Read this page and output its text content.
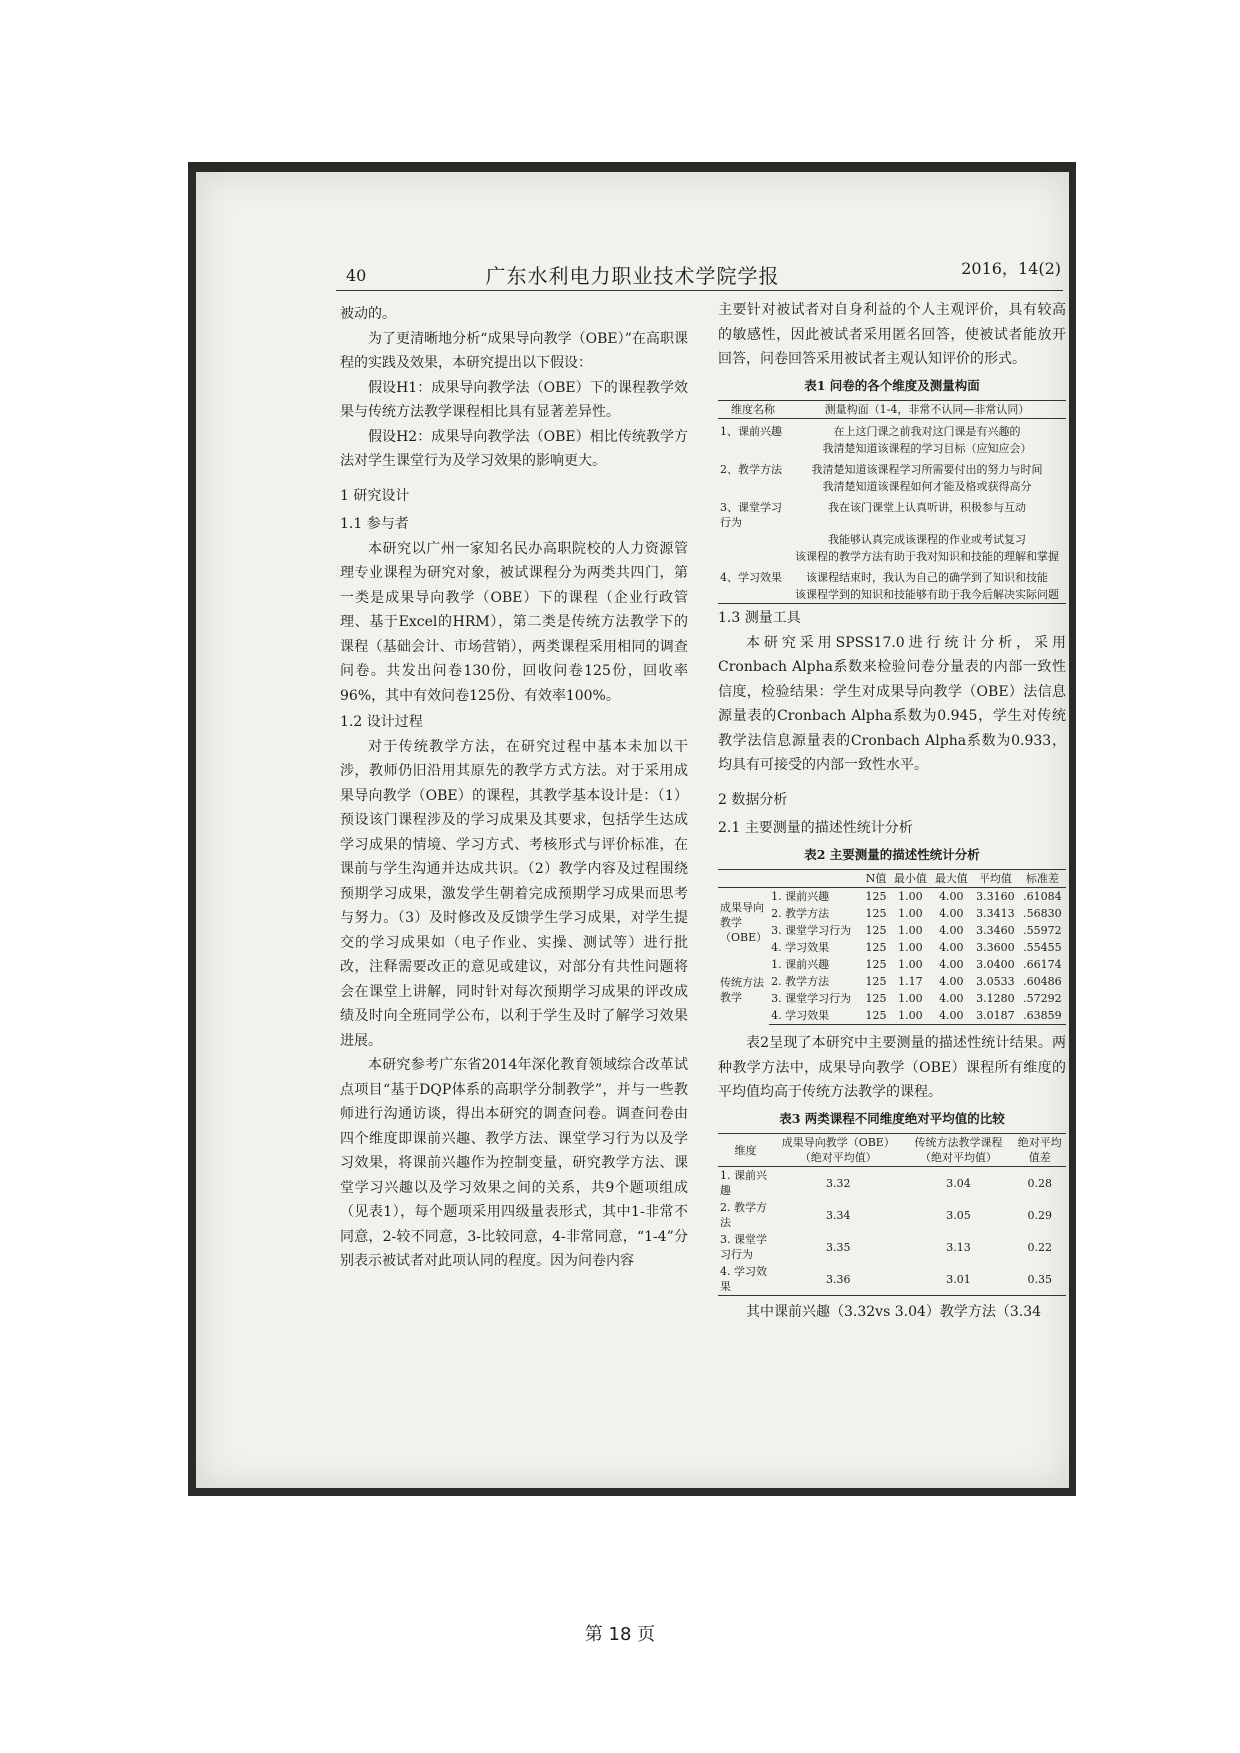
40	广东水利电力职业技术学院学报	2016，14(2)

被动的。

为了更清晰地分析“成果导向教学（OBE）”在高职课程的实践及效果，本研究提出以下假设：

假设H1：成果导向教学法（OBE）下的课程教学效果与传统方法教学课程相比具有显著差异性。

假设H2：成果导向教学法（OBE）相比传统教学方法对学生课堂行为及学习效果的影响更大。

1 研究设计
1.1 参与者

本研究以广州一家知名民办高职院校的人力资源管理专业课程为研究对象，被试课程分为两类共四门，第一类是成果导向教学（OBE）下的课程（企业行政管理、基于Excel的HRM），第二类是传统方法教学下的课程（基础会计、市场营销），两类课程采用相同的调查问卷。共发出问卷130份，回收问卷125份，回收率96%，其中有效问卷125份、有效率100%。

1.2 设计过程

对于传统教学方法，在研究过程中基本未加以干涉，教师仍旧沿用其原先的教学方式方法。对于采用成果导向教学（OBE）的课程，其教学基本设计是：（1）预设该门课程涉及的学习成果及其要求，包括学生达成学习成果的情境、学习方式、考核形式与评价标准，在课前与学生沟通并达成共识。（2）教学内容及过程围绕预期学习成果，激发学生朝着完成预期学习成果而思考与努力。（3）及时修改及反馈学生学习成果，对学生提交的学习成果如（电子作业、实操、测试等）进行批改，注释需要改正的意见或建议，对部分有共性问题将会在课堂上讲解，同时针对每次预期学习成果的评改成绩及时向全班同学公布，以利于学生及时了解学习效果进展。

本研究参考广东省2014年深化教育领域综合改革试点项目“基于DQP体系的高职学分制教学”，并与一些教师进行沟通访谈，得出本研究的调查问卷。调查问卷由四个维度即课前兴趣、教学方法、课堂学习行为以及学习效果，将课前兴趣作为控制变量，研究教学方法、课堂学习兴趣以及学习效果之间的关系，共9个题项组成（见表1），每个题项采用四级量表形式，其中1-非常不同意，2-较不同意，3-比较同意，4-非常同意，“1-4”分别表示被试者对此项认同的程度。因为问卷内容

主要针对被试者对自身利益的个人主观评价，具有较高的敏感性，因此被试者采用匿名回答，使被试者能放开回答，问卷回答采用被试者主观认知评价的形式。

表1 问卷的各个维度及测量构面
维度名称	测量构面（1-4，非常不认同—非常认同）
1、课前兴趣	在上这门课之前我对这门课是有兴趣的
	我清楚知道该课程的学习目标（应知应会）
2、教学方法	我清楚知道该课程学习所需要付出的努力与时间
	我清楚知道该课程如何才能及格或获得高分
3、课堂学习行为	我在该门课堂上认真听讲，积极参与互动
	我能够认真完成该课程的作业或考试复习
	该课程的教学方法有助于我对知识和技能的理解和掌握
4、学习效果	该课程结束时，我认为自己的确学到了知识和技能
	该课程学到的知识和技能够有助于我今后解决实际问题
1.3 测量工具

本研究采用SPSS17.0进行统计分析，采用Cronbach Alpha系数来检验问卷分量表的内部一致性信度，检验结果：学生对成果导向教学（OBE）法信息源量表的Cronbach Alpha系数为0.945，学生对传统教学法信息源量表的Cronbach Alpha系数为0.933，均具有可接受的内部一致性水平。

2 数据分析
2.1 主要测量的描述性统计分析
表2 主要测量的描述性统计分析
		N值	最小值	最大值	平均值	标准差
成果导向教学（OBE）	1. 课前兴趣	125	1.00	4.00	3.3160	.61084
	2. 教学方法	125	1.00	4.00	3.3413	.56830
	3. 课堂学习行为	125	1.00	4.00	3.3460	.55972
	4. 学习效果	125	1.00	4.00	3.3600	.55455
传统方法教学	1. 课前兴趣	125	1.00	4.00	3.0400	.66174
	2. 教学方法	125	1.17	4.00	3.0533	.60486
	3. 课堂学习行为	125	1.00	4.00	3.1280	.57292
	4. 学习效果	125	1.00	4.00	3.0187	.63859

表2呈现了本研究中主要测量的描述性统计结果。两种教学方法中，成果导向教学（OBE）课程所有维度的平均值均高于传统方法教学的课程。

表3 两类课程不同维度绝对平均值的比较
维度	成果导向教学（OBE）（绝对平均值）	传统方法教学课程（绝对平均值）	绝对平均值差
1. 课前兴趣	3.32	3.04	0.28
2. 教学方法	3.34	3.05	0.29
3. 课堂学习行为	3.35	3.13	0.22
4. 学习效果	3.36	3.01	0.35

其中课前兴趣（3.32vs 3.04）教学方法（3.34

第 18 页
